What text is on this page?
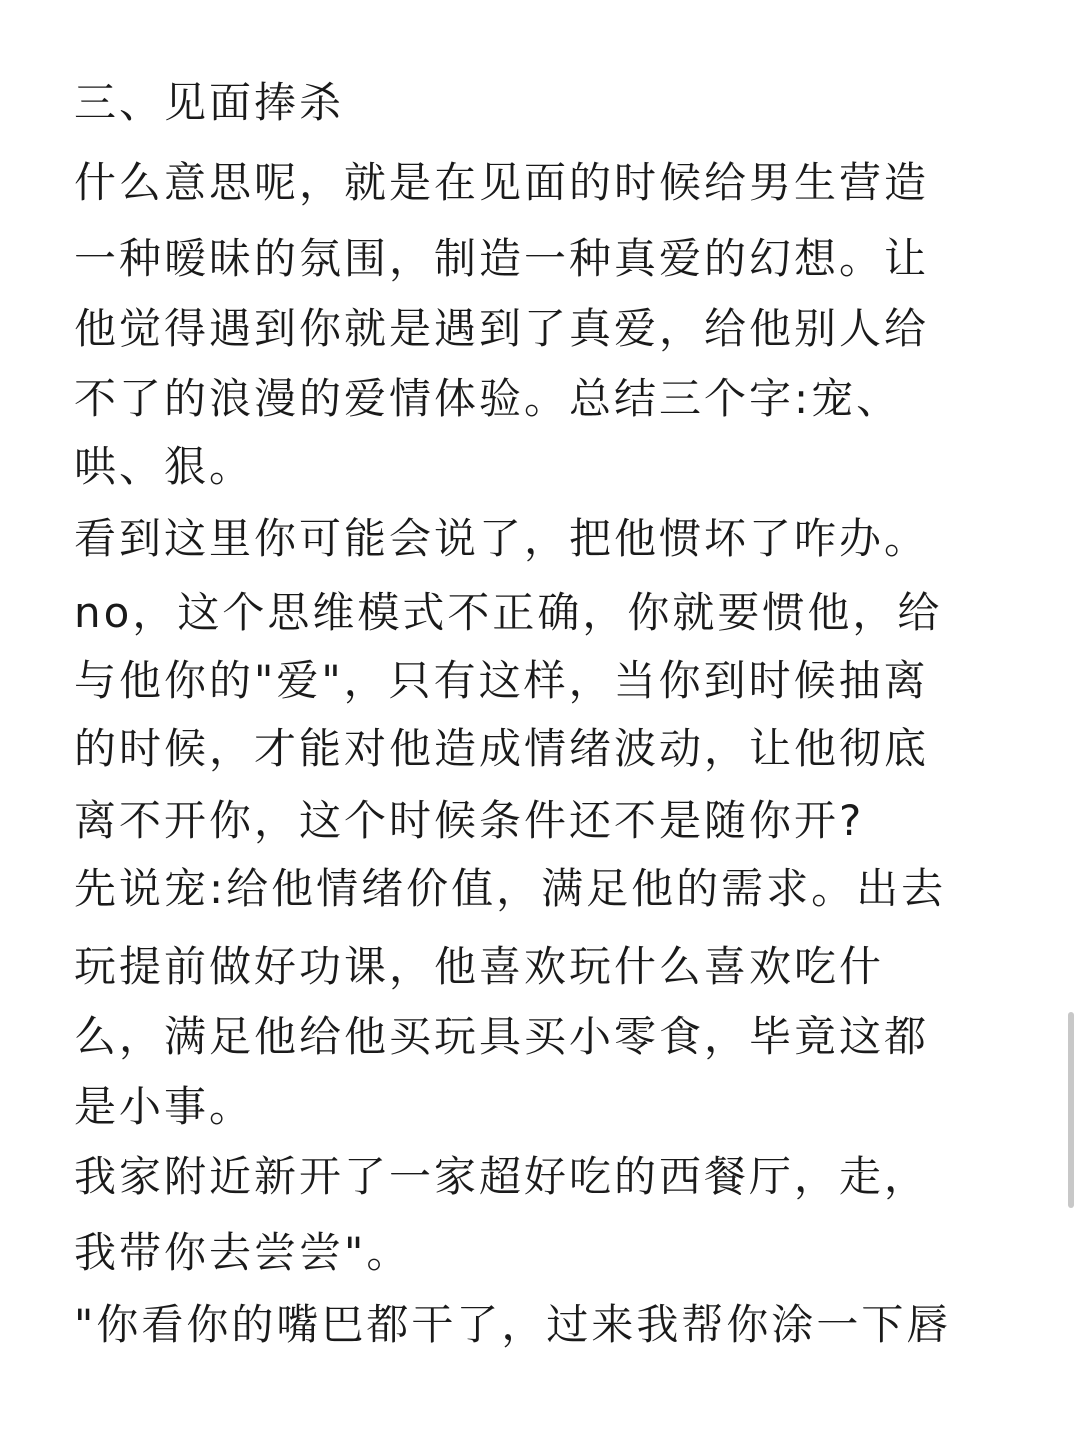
三、见面捧杀

什么意思呢，就是在见面的时候给男生营造

一种暧昧的氛围，制造一种真爱的幻想。让

他觉得遇到你就是遇到了真爱，给他别人给

不了的浪漫的爱情体验。总结三个字:宠、

哄、狠。

看到这里你可能会说了，把他惯坏了咋办。

no，这个思维模式不正确，你就要惯他，给

与他你的"爱"，只有这样，当你到时候抽离

的时候，才能对他造成情绪波动，让他彻底

离不开你，这个时候条件还不是随你开?

先说宠:给他情绪价值，满足他的需求。出去

玩提前做好功课，他喜欢玩什么喜欢吃什

么，满足他给他买玩具买小零食，毕竟这都

是小事。

我家附近新开了一家超好吃的西餐厅，走，

我带你去尝尝"。

"你看你的嘴巴都干了，过来我帮你涂一下唇
